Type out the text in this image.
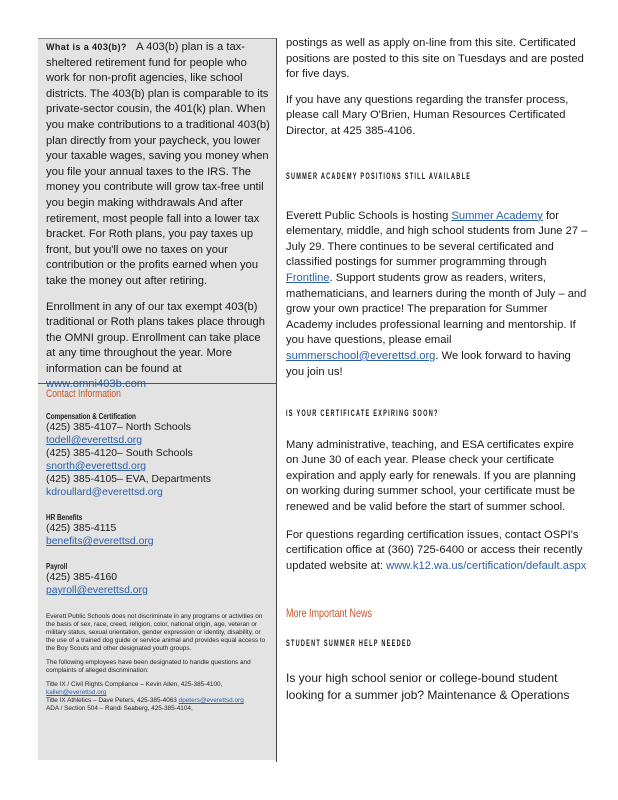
What is a 403(b)? A 403(b) plan is a tax-sheltered retirement fund for people who work for non-profit agencies, like school districts. The 403(b) plan is comparable to its private-sector cousin, the 401(k) plan. When you make contributions to a traditional 403(b) plan directly from your paycheck, you lower your taxable wages, saving you money when you file your annual taxes to the IRS. The money you contribute will grow tax-free until you begin making withdrawals And after retirement, most people fall into a lower tax bracket. For Roth plans, you pay taxes up front, but you'll owe no taxes on your contribution or the profits earned when you take the money out after retiring.

Enrollment in any of our tax exempt 403(b) traditional or Roth plans takes place through the OMNI group. Enrollment can take place at any time throughout the year. More information can be found at www.omni403b.com

Contact Information
Compensation & Certification
(425) 385-4107– North Schools
todell@everettsd.org
(425) 385-4120– South Schools
snorth@everettsd.org
(425) 385-4105– EVA, Departments
kdroullard@everettsd.org
HR Benefits
(425) 385-4115
benefits@everettsd.org
Payroll
(425) 385-4160
payroll@everettsd.org
Everett Public Schools does not discriminate in any programs or activities on the basis of sex, race, creed, religion, color, national origin, age, veteran or military status, sexual orientation, gender expression or identity, disability, or the use of a trained dog guide or service animal and provides equal access to the Boy Scouts and other designated youth groups.
The following employees have been designated to handle questions and complaints of alleged discrimination:
Title IX / Civil Rights Compliance – Kevin Allen, 425-385-4100, kallen@everettsd.org
Title IX Athletics – Dave Peters, 425-385-4063 dpeters@everettsd.org
ADA / Section 504 – Randi Seaberg, 425-385-4104,

postings as well as apply on-line from this site. Certificated positions are posted to this site on Tuesdays and are posted for five days.

If you have any questions regarding the transfer process, please call Mary O'Brien, Human Resources Certificated Director, at 425 385-4106.

SUMMER ACADEMY POSITIONS STILL AVAILABLE

Everett Public Schools is hosting Summer Academy for elementary, middle, and high school students from June 27 – July 29. There continues to be several certificated and classified postings for summer programming through Frontline. Support students grow as readers, writers, mathematicians, and learners during the month of July – and grow your own practice! The preparation for Summer Academy includes professional learning and mentorship. If you have questions, please email summerschool@everettsd.org. We look forward to having you join us!

IS YOUR CERTIFICATE EXPIRING SOON?

Many administrative, teaching, and ESA certificates expire on June 30 of each year. Please check your certificate expiration and apply early for renewals. If you are planning on working during summer school, your certificate must be renewed and be valid before the start of summer school.

For questions regarding certification issues, contact OSPI's certification office at (360) 725-6400 or access their recently updated website at: www.k12.wa.us/certification/default.aspx

More Important News
STUDENT SUMMER HELP NEEDED

Is your high school senior or college-bound student looking for a summer job? Maintenance & Operations
